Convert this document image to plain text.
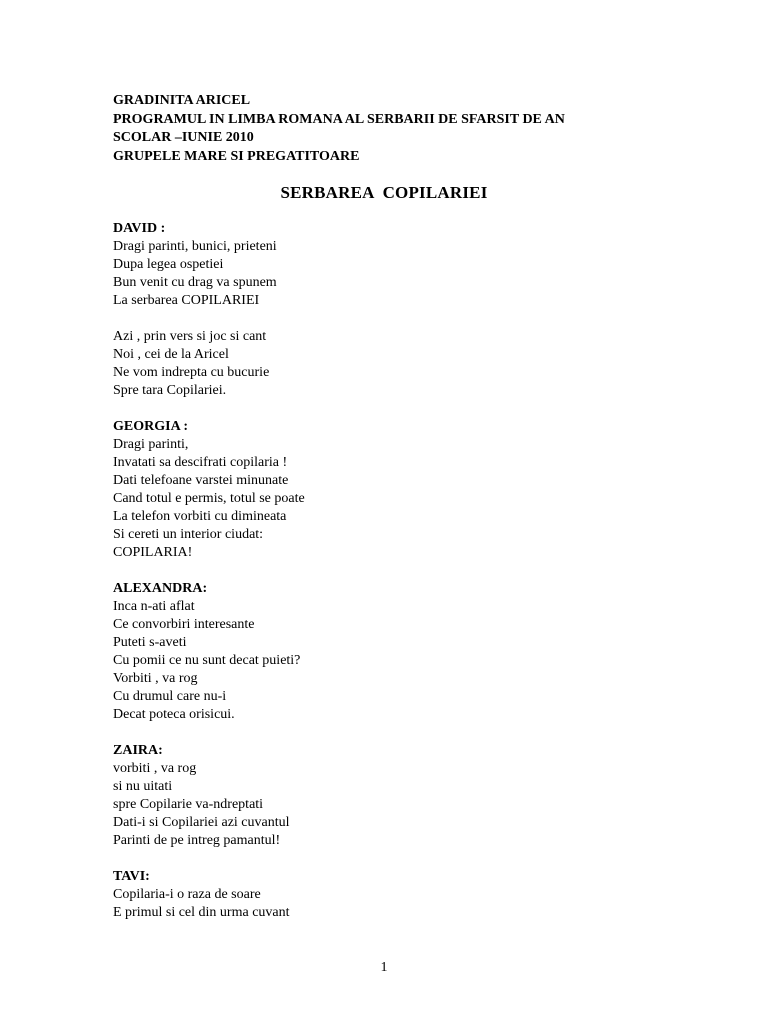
GRADINITA ARICEL
PROGRAMUL IN LIMBA ROMANA AL SERBARII DE SFARSIT DE AN
SCOLAR –IUNIE 2010
GRUPELE MARE SI PREGATITOARE
SERBAREA  COPILARIEI
DAVID :
Dragi parinti, bunici, prieteni
Dupa legea ospetiei
Bun venit cu drag va spunem
La serbarea COPILARIEI
Azi , prin vers si joc si cant
Noi , cei de la Aricel
Ne vom indrepta cu bucurie
Spre tara Copilariei.
GEORGIA :
Dragi parinti,
Invatati sa descifrati copilaria !
Dati telefoane varstei minunate
Cand totul e permis, totul se poate
La telefon vorbiti cu dimineata
Si cereti un interior ciudat:
COPILARIA!
ALEXANDRA:
Inca n-ati aflat
Ce convorbiri interesante
Puteti s-aveti
Cu pomii ce nu sunt decat puieti?
Vorbiti , va rog
Cu drumul care nu-i
Decat poteca orisicui.
ZAIRA:
vorbiti , va rog
si nu uitati
spre Copilarie va-ndreptati
Dati-i si Copilariei azi cuvantul
Parinti de pe intreg pamantul!
TAVI:
Copilaria-i o raza de soare
E primul si cel din urma cuvant
1
